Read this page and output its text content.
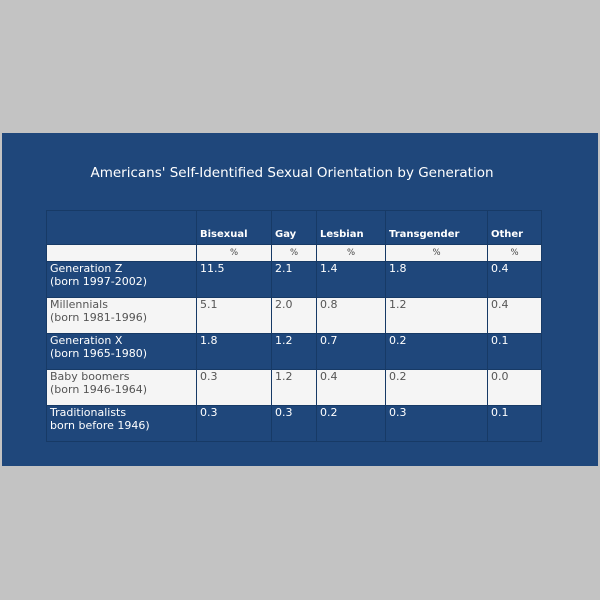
Americans' Self-Identified Sexual Orientation by Generation
	Bisexual	Gay	Lesbian	Transgender	Other
	%	%	%	%	%
Generation Z
(born 1997-2002)	11.5	2.1	1.4	1.8	0.4
Millennials
(born 1981-1996)	5.1	2.0	0.8	1.2	0.4
Generation X
(born 1965-1980)	1.8	1.2	0.7	0.2	0.1
Baby boomers
(born 1946-1964)	0.3	1.2	0.4	0.2	0.0
Traditionalists
born before 1946)	0.3	0.3	0.2	0.3	0.1
